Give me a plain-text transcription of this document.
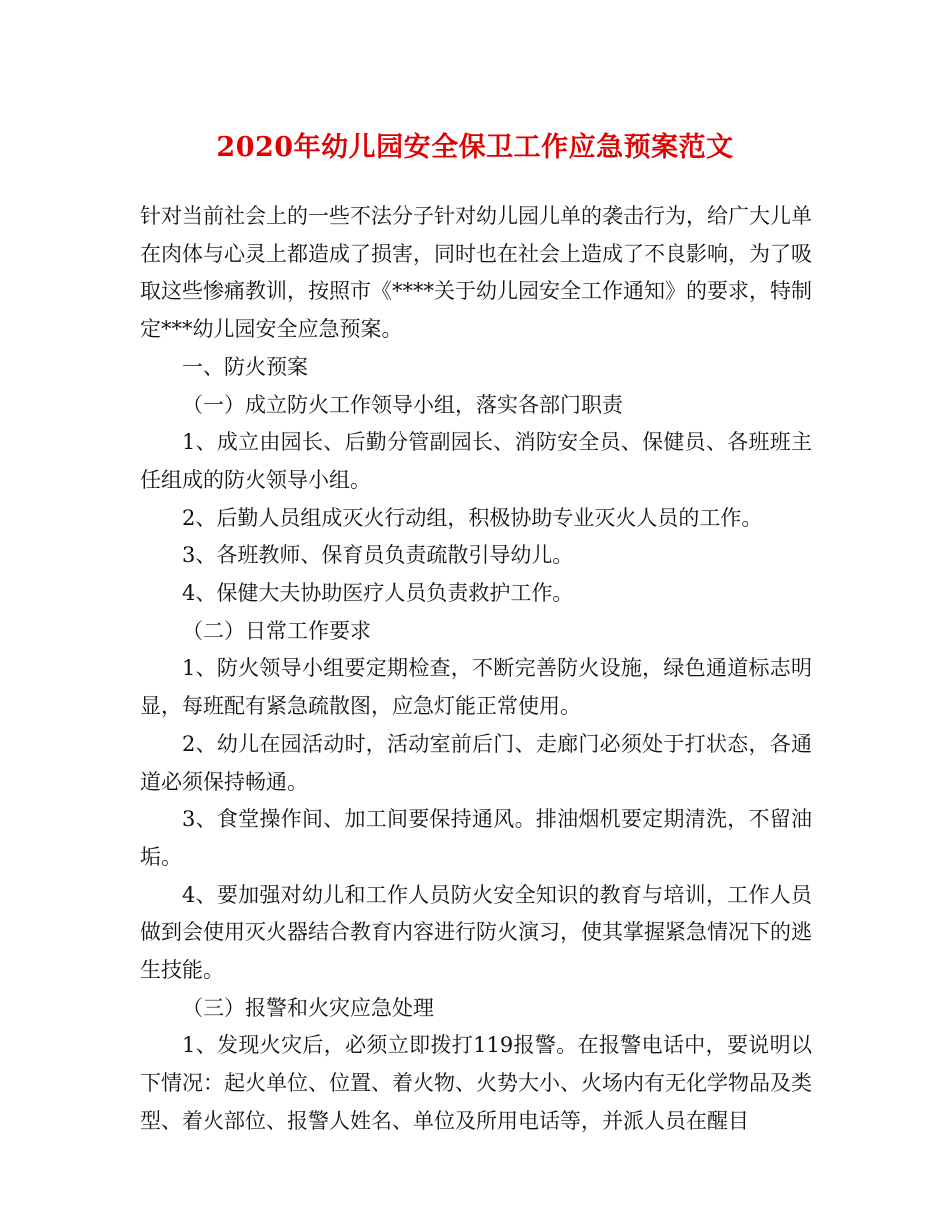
2020年幼儿园安全保卫工作应急预案范文

针对当前社会上的一些不法分子针对幼儿园儿单的袭击行为，给广大儿单在肉体与心灵上都造成了损害，同时也在社会上造成了不良影响，为了吸取这些惨痛教训，按照市《****关于幼儿园安全工作通知》的要求，特制定***幼儿园安全应急预案。

一、防火预案

（一）成立防火工作领导小组，落实各部门职责

1、成立由园长、后勤分管副园长、消防安全员、保健员、各班班主任组成的防火领导小组。

2、后勤人员组成灭火行动组，积极协助专业灭火人员的工作。

3、各班教师、保育员负责疏散引导幼儿。

4、保健大夫协助医疗人员负责救护工作。

（二）日常工作要求

1、防火领导小组要定期检查，不断完善防火设施，绿色通道标志明显，每班配有紧急疏散图，应急灯能正常使用。

2、幼儿在园活动时，活动室前后门、走廊门必须处于打状态，各通道必须保持畅通。

3、食堂操作间、加工间要保持通风。排油烟机要定期清洗，不留油垢。

4、要加强对幼儿和工作人员防火安全知识的教育与培训，工作人员做到会使用灭火器结合教育内容进行防火演习，使其掌握紧急情况下的逃生技能。

（三）报警和火灾应急处理

1、发现火灾后，必须立即拨打119报警。在报警电话中，要说明以下情况：起火单位、位置、着火物、火势大小、火场内有无化学物品及类型、着火部位、报警人姓名、单位及所用电话等，并派人员在醒目
